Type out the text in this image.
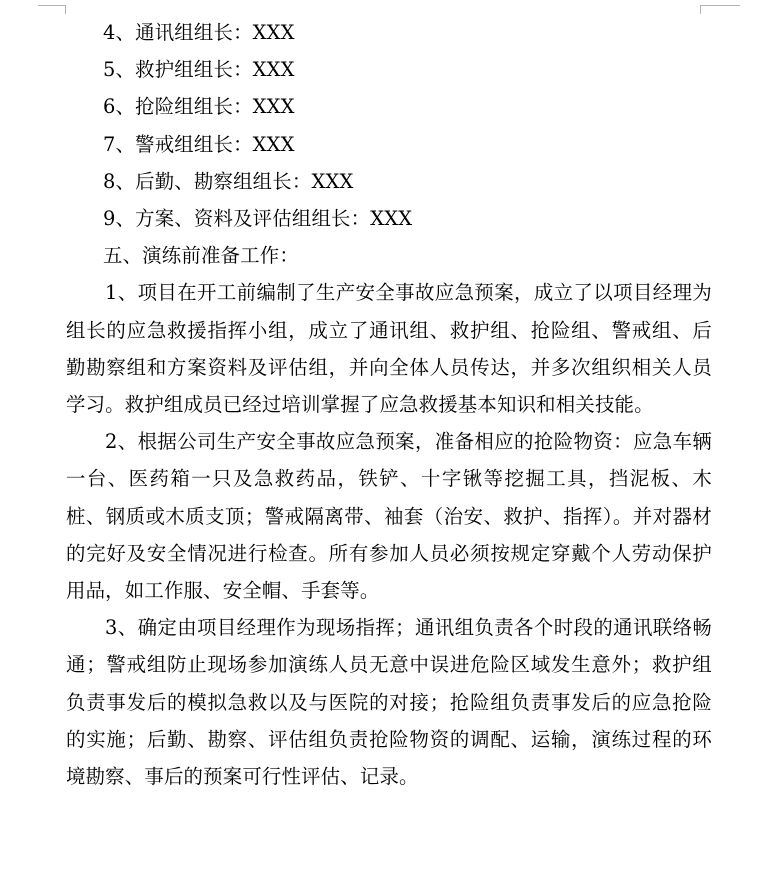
4、通讯组组长：XXX

5、救护组组长：XXX

6、抢险组组长：XXX

7、警戒组组长：XXX

8、后勤、勘察组组长：XXX

9、方案、资料及评估组组长：XXX

五、演练前准备工作：

1、项目在开工前编制了生产安全事故应急预案，成立了以项目经理为组长的应急救援指挥小组，成立了通讯组、救护组、抢险组、警戒组、后勤勘察组和方案资料及评估组，并向全体人员传达，并多次组织相关人员学习。救护组成员已经过培训掌握了应急救援基本知识和相关技能。

2、根据公司生产安全事故应急预案，准备相应的抢险物资：应急车辆一台、医药箱一只及急救药品，铁铲、十字锹等挖掘工具，挡泥板、木桩、钢质或木质支顶；警戒隔离带、袖套（治安、救护、指挥）。并对器材的完好及安全情况进行检查。所有参加人员必须按规定穿戴个人劳动保护用品，如工作服、安全帽、手套等。

3、确定由项目经理作为现场指挥；通讯组负责各个时段的通讯联络畅通；警戒组防止现场参加演练人员无意中误进危险区域发生意外；救护组负责事发后的模拟急救以及与医院的对接；抢险组负责事发后的应急抢险的实施；后勤、勘察、评估组负责抢险物资的调配、运输，演练过程的环境勘察、事后的预案可行性评估、记录。
